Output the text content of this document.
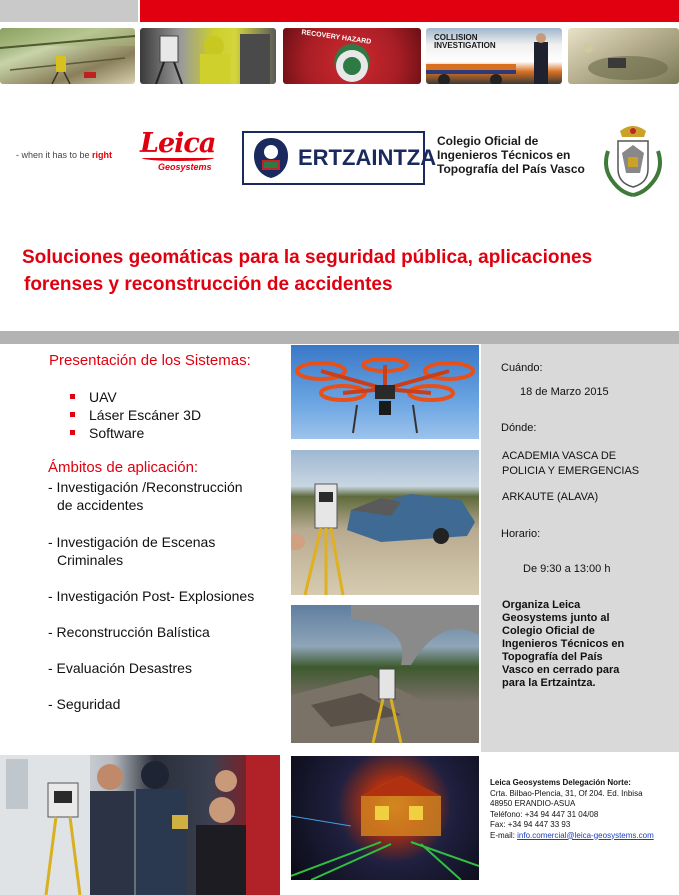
RECOVERY HAZARD	COLLISION INVESTIGATION
- when it has to be right Leica
Geosystems	ERTZAINTZA
Colegio Oficial de
Ingenieros Técnicos en
Topografía del País Vasco
Soluciones geomáticas para la seguridad pública, aplicaciones
forenses y reconstrucción de accidentes
Presentación de los Sistemas:
UAV
Láser Escáner 3D
Software
Ámbitos de aplicación:
- Investigación /Reconstrucción
de accidentes
- Investigación de Escenas
Criminales
- Investigación Post- Explosiones
- Reconstrucción Balística
- Evaluación Desastres
- Seguridad
Cuándo:
18 de Marzo 2015
Dónde:
ACADEMIA VASCA DE
POLICIA Y EMERGENCIAS
ARKAUTE (ALAVA)
Horario:
De 9:30 a 13:00 h
Organiza Leica
Geosystems junto al
Colegio Oficial de
Ingenieros Técnicos en
Topografía del País
Vasco en cerrado para
para la Ertzaintza.
Leica Geosystems Delegación Norte:
Crta. Bilbao-Plencia, 31, Of 204. Ed. Inbisa
48950 ERANDIO-ASUA
Teléfono: +34 94 447 31 04/08
Fax: +34 94 447 33 93
E-mail: info.comercial@leica-geosystems.com
